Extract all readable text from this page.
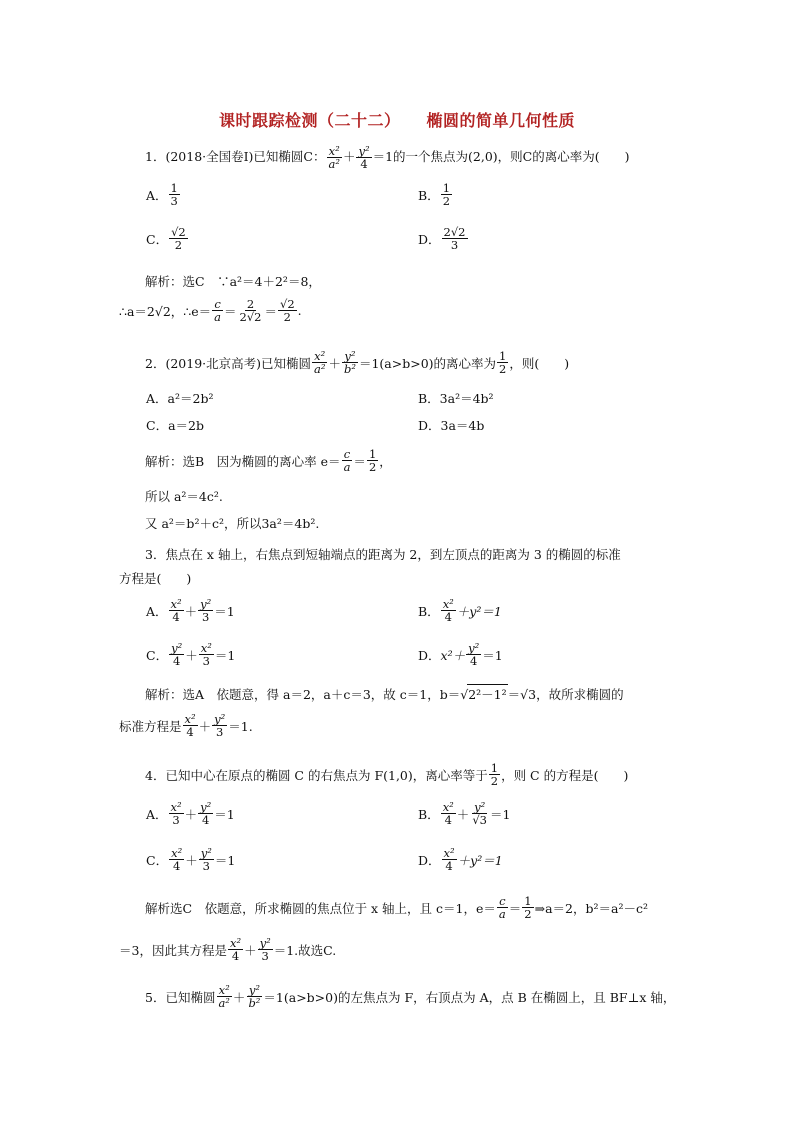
课时跟踪检测（二十二） 椭圆的简单几何性质
1．(2018·全国卷Ⅰ)已知椭圆C： $\frac{\text{x²}}{\text{a²}} + \frac{\text{y²}}{4} =1$的一个焦点为(2,0)，则C的离心率为(　　)
A． $\frac{1}{3}$	B． $\frac{1}{2}$
C． $\frac{√2}{2}$	D． $\frac{2√2}{3}$
解析：选C　∵a²＝4＋2²＝8，
∴a＝2√2，∴e＝ $\frac{c}{a} = \frac{2}{2√2} = \frac{√2}{2}$ .
2．(2019·北京高考)已知椭圆 $\frac{\text{x²}}{\text{a²}} + \frac{\text{y²}}{\text{b²}} =1(a>b>0)$的离心率为 $\frac{1}{2}$ ，则(　　)
A．a²＝2b²	B．3a²＝4b²
C．a＝2b	D．3a＝4b
解析：选B　因为椭圆的离心率 $e= \frac{c}{a} = \frac{1}{2}$ ，
所以 a²＝4c².
又 a²＝b²＋c²，所以3a²＝4b².
3．焦点在 x 轴上，右焦点到短轴端点的距离为 2，到左顶点的距离为 3 的椭圆的标准
方程是(　　)
A． $\frac{\text{x²}}{4} + \frac{\text{y²}}{3} =1$	B． $\frac{\text{x²}}{4} +y^2=1$
C． $\frac{\text{y²}}{4} + \frac{\text{x²}}{3} =1$	D． $x^2+ \frac{\text{y²}}{4} =1$
解析：选A　依题意，得 a＝2，a＋c＝3，故 c＝1，b＝√2²－1²＝√3，故所求椭圆的
标准方程是 $\frac{\text{x²}}{4} + \frac{\text{y²}}{3} =1$.
4．已知中心在原点的椭圆 C 的右焦点为 F(1,0)，离心率等于 $\frac{1}{2}$ ，则 C 的方程是(　　)
A． $\frac{\text{x²}}{3} + \frac{\text{y²}}{4} =1$	B． $\frac{\text{x²}}{4} + \frac{\text{y²}}{√3} =1$
C． $\frac{\text{x²}}{4} + \frac{\text{y²}}{3} =1$	D． $\frac{\text{x²}}{4} +y^2=1$
解析选C　依题意，所求椭圆的焦点位于 x 轴上，且 c＝1，$e= \frac{c}{a} = \frac{1}{2}$ ⇒a＝2，b²＝a²－c²
＝3，因此其方程是 $\frac{\text{x²}}{4} + \frac{\text{y²}}{3} =1$.故选C.
5．已知椭圆 $\frac{\text{x²}}{\text{a²}} + \frac{\text{y²}}{\text{b²}} =1(a>b>0)$的左焦点为 F，右顶点为 A，点 B 在椭圆上，且 BF⊥x 轴，
